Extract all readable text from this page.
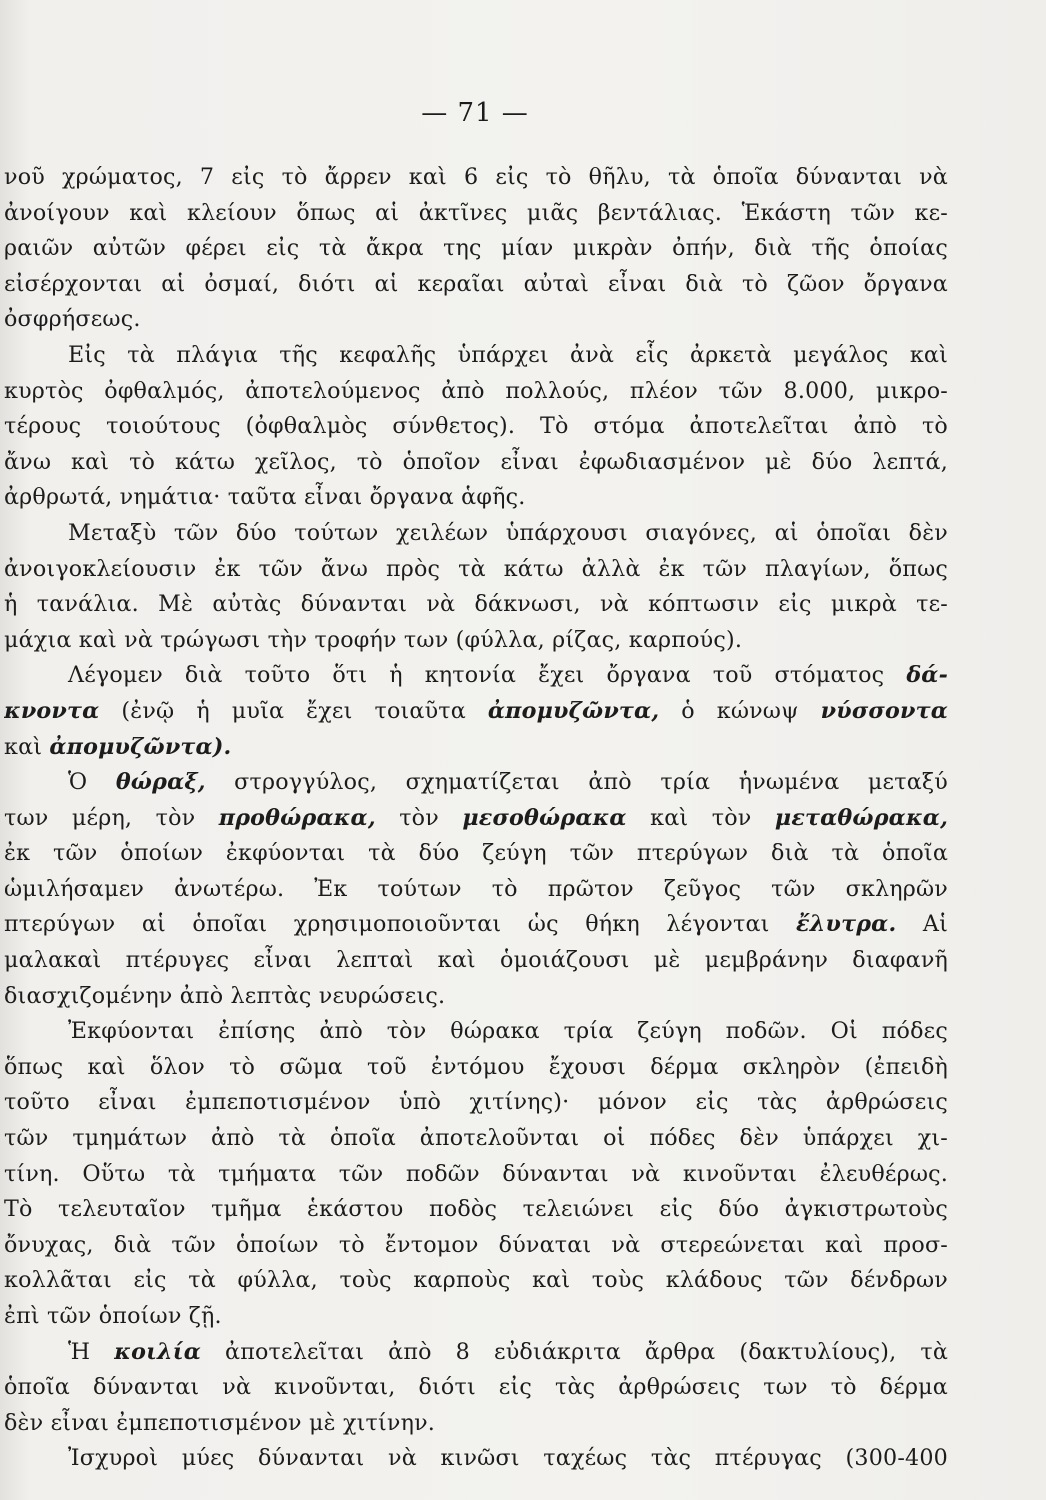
— 71 —
νοῦ χρώματος, 7 εἰς τὸ ἄρρεν καὶ 6 εἰς τὸ θῆλυ, τὰ ὁποῖα δύνανται νὰ
ἀνοίγουν καὶ κλείουν ὅπως αἱ ἀκτῖνες μιᾶς βεντάλιας. Ἑκάστη τῶν κε-
ραιῶν αὐτῶν φέρει εἰς τὰ ἄκρα της μίαν μικρὰν ὀπήν, διὰ τῆς ὁποίας
εἰσέρχονται αἱ ὀσμαί, διότι αἱ κεραῖαι αὐταὶ εἶναι διὰ τὸ ζῶον ὄργανα
ὀσφρήσεως.
Εἰς τὰ πλάγια τῆς κεφαλῆς ὑπάρχει ἀνὰ εἷς ἀρκετὰ μεγάλος καὶ
κυρτὸς ὀφθαλμός, ἀποτελούμενος ἀπὸ πολλούς, πλέον τῶν 8.000, μικρο-
τέρους τοιούτους (ὀφθαλμὸς σύνθετος). Τὸ στόμα ἀποτελεῖται ἀπὸ τὸ
ἄνω καὶ τὸ κάτω χεῖλος, τὸ ὁποῖον εἶναι ἐφωδιασμένον μὲ δύο λεπτά,
ἀρθρωτά, νημάτια· ταῦτα εἶναι ὄργανα ἁφῆς.
Μεταξὺ τῶν δύο τούτων χειλέων ὑπάρχουσι σιαγόνες, αἱ ὁποῖαι δὲν
ἀνοιγοκλείουσιν ἐκ τῶν ἄνω πρὸς τὰ κάτω ἀλλὰ ἐκ τῶν πλαγίων, ὅπως
ἡ τανάλια. Μὲ αὐτὰς δύνανται νὰ δάκνωσι, νὰ κόπτωσιν εἰς μικρὰ τε-
μάχια καὶ νὰ τρώγωσι τὴν τροφήν των (φύλλα, ρίζας, καρπούς).
Λέγομεν διὰ τοῦτο ὅτι ἡ κητονία ἔχει ὄργανα τοῦ στόματος δά-
κνοντα (ἐνῷ ἡ μυῖα ἔχει τοιαῦτα ἀπομυζῶντα, ὁ κώνωψ νύσσοντα
καὶ ἀπομυζῶντα).
Ὁ θώραξ, στρογγύλος, σχηματίζεται ἀπὸ τρία ἡνωμένα μεταξύ
των μέρη, τὸν προθώρακα, τὸν μεσοθώρακα καὶ τὸν μεταθώρακα,
ἐκ τῶν ὁποίων ἐκφύονται τὰ δύο ζεύγη τῶν πτερύγων διὰ τὰ ὁποῖα
ὡμιλήσαμεν ἀνωτέρω. Ἐκ τούτων τὸ πρῶτον ζεῦγος τῶν σκληρῶν
πτερύγων αἱ ὁποῖαι χρησιμοποιοῦνται ὡς θήκη λέγονται ἔλυτρα. Αἱ
μαλακαὶ πτέρυγες εἶναι λεπταὶ καὶ ὁμοιάζουσι μὲ μεμβράνην διαφανῆ
διασχιζομένην ἀπὸ λεπτὰς νευρώσεις.
Ἐκφύονται ἐπίσης ἀπὸ τὸν θώρακα τρία ζεύγη ποδῶν. Οἱ πόδες
ὅπως καὶ ὅλον τὸ σῶμα τοῦ ἐντόμου ἔχουσι δέρμα σκληρὸν (ἐπειδὴ
τοῦτο εἶναι ἐμπεποτισμένον ὑπὸ χιτίνης)· μόνον εἰς τὰς ἀρθρώσεις
τῶν τμημάτων ἀπὸ τὰ ὁποῖα ἀποτελοῦνται οἱ πόδες δὲν ὑπάρχει χι-
τίνη. Οὕτω τὰ τμήματα τῶν ποδῶν δύνανται νὰ κινοῦνται ἐλευθέρως.
Τὸ τελευταῖον τμῆμα ἑκάστου ποδὸς τελειώνει εἰς δύο ἀγκιστρωτοὺς
ὄνυχας, διὰ τῶν ὁποίων τὸ ἔντομον δύναται νὰ στερεώνεται καὶ προσ-
κολλᾶται εἰς τὰ φύλλα, τοὺς καρποὺς καὶ τοὺς κλάδους τῶν δένδρων
ἐπὶ τῶν ὁποίων ζῇ.
Ἡ κοιλία ἀποτελεῖται ἀπὸ 8 εὐδιάκριτα ἄρθρα (δακτυλίους), τὰ
ὁποῖα δύνανται νὰ κινοῦνται, διότι εἰς τὰς ἀρθρώσεις των τὸ δέρμα
δὲν εἶναι ἐμπεποτισμένον μὲ χιτίνην.
Ἰσχυροὶ μύες δύνανται νὰ κινῶσι ταχέως τὰς πτέρυγας (300-400
